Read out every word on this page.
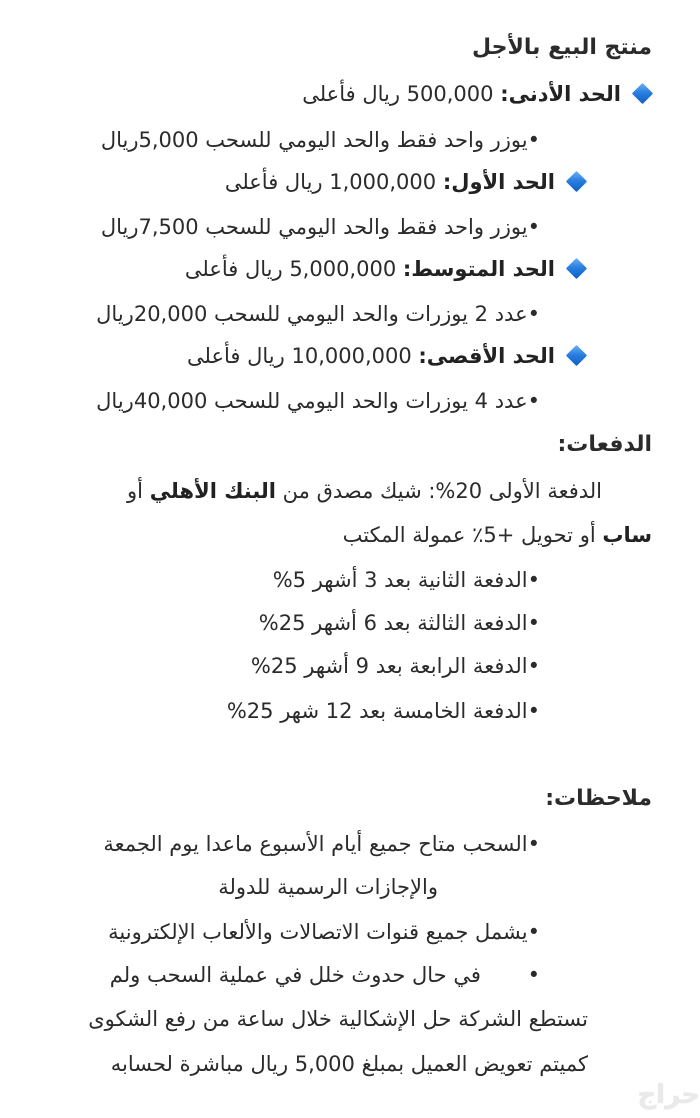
منتج البيع بالأجل
الحد الأدنى: 500,000 ريال فأعلى
•يوزر واحد فقط والحد اليومي للسحب 5,000ريال
الحد الأول: 1,000,000 ريال فأعلى
•يوزر واحد فقط والحد اليومي للسحب 7,500ريال
الحد المتوسط: 5,000,000 ريال فأعلى
•عدد 2 يوزرات والحد اليومي للسحب 20,000ريال
الحد الأقصى: 10,000,000 ريال فأعلى
•عدد 4 يوزرات والحد اليومي للسحب 40,000ريال
الدفعات:
الدفعة الأولى 20%: شيك مصدق من البنك الأهلي أو
ساب أو تحويل +5٪ عمولة المكتب
•الدفعة الثانية بعد 3 أشهر 5%
•الدفعة الثالثة بعد 6 أشهر 25%
•الدفعة الرابعة بعد 9 أشهر 25%
•الدفعة الخامسة بعد 12 شهر 25%
ملاحظات:
•السحب متاح جميع أيام الأسبوع ماعدا يوم الجمعة
والإجازات الرسمية للدولة
•يشمل جميع قنوات الاتصالات والألعاب الإلكترونية
•       في حال حدوث خلل في عملية السحب ولم
تستطع الشركة حل الإشكالية خلال ساعة من رفع الشكوى
كميتم تعويض العميل بمبلغ 5,000 ريال مباشرة لحسابه
حراج
